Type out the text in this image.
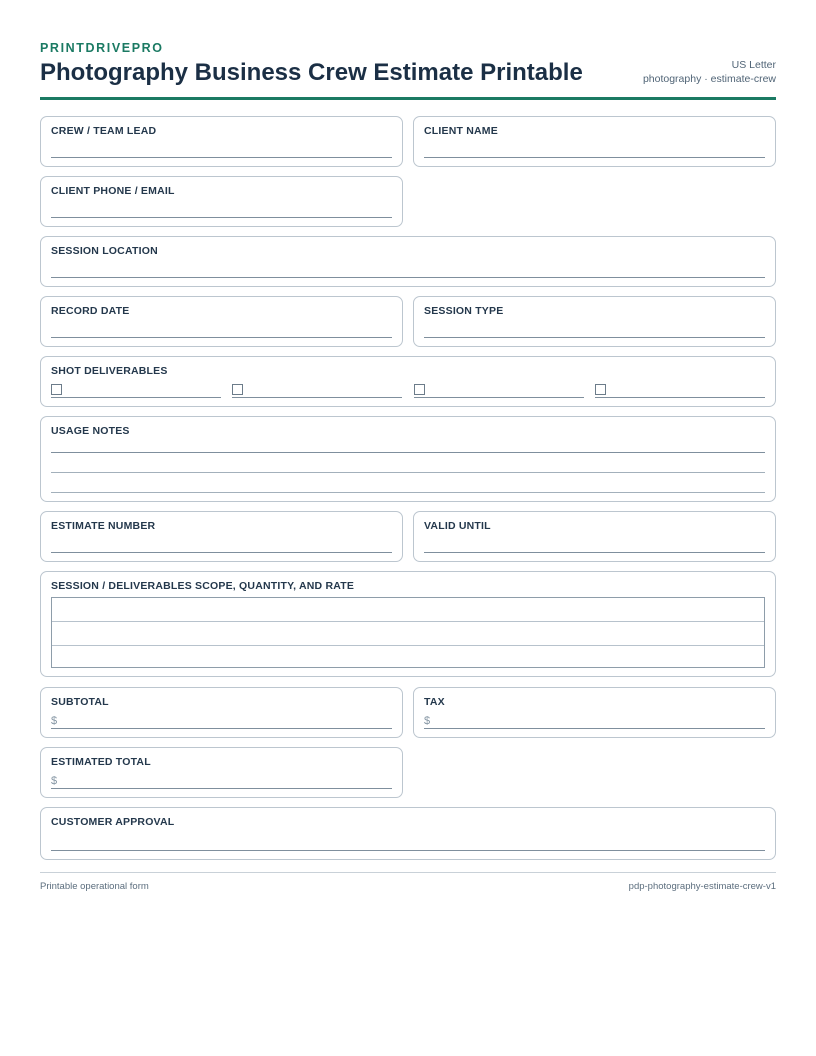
PRINTDRIVEPRO
Photography Business Crew Estimate Printable	US Letter
photography · estimate-crew
CREW / TEAM LEAD	CLIENT NAME
CLIENT PHONE / EMAIL
SESSION LOCATION
RECORD DATE	SESSION TYPE
SHOT DELIVERABLES
USAGE NOTES
ESTIMATE NUMBER	VALID UNTIL
SESSION / DELIVERABLES SCOPE, QUANTITY, AND RATE
SUBTOTAL
$
TAX
$
ESTIMATED TOTAL
$
CUSTOMER APPROVAL
Printable operational form	pdp-photography-estimate-crew-v1
